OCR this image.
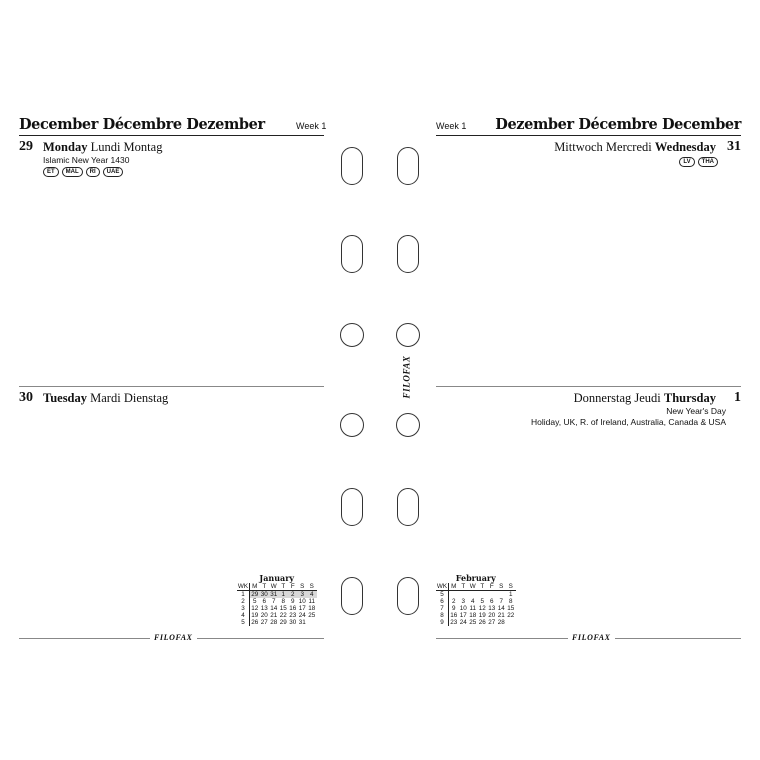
December Décembre Dezember	Week 1
29 Monday Lundi Montag
Islamic New Year 1430
ET	MAL	RI	UAE
30 Tuesday Mardi Dienstag
January
WK	M	T	W	T	F	S	S
1	29	30	31	1	2	3	4
2	5	6	7	8	9	10	11
3	12	13	14	15	16	17	18
4	19	20	21	22	23	24	25
5	26	27	28	29	30	31	
FILOFAX
FILOFAX
Week 1 Dezember Décembre December
Mittwoch Mercredi Wednesday 31
LV	THA
Donnerstag Jeudi Thursday 1
New Year's Day
Holiday, UK, R. of Ireland, Australia, Canada & USA
February
WK	M	T	W	T	F	S	S
5							1
6	2	3	4	5	6	7	8
7	9	10	11	12	13	14	15
8	16	17	18	19	20	21	22
9	23	24	25	26	27	28	
FILOFAX
